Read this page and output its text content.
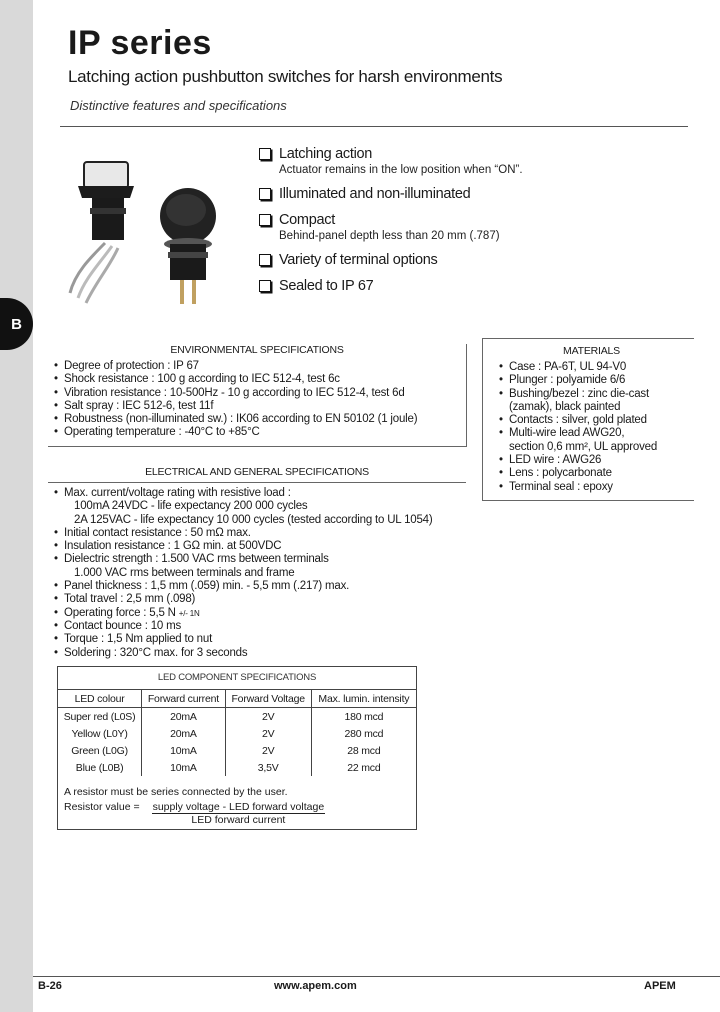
B
IP series
Latching action pushbutton switches for harsh environments
Distinctive features and specifications
Latching action
Actuator remains in the low position when “ON”.
Illuminated and non-illuminated
Compact
Behind-panel depth less than 20 mm (.787)
Variety of terminal options
Sealed to IP 67
ENVIRONMENTAL SPECIFICATIONS
• Degree of protection : IP 67
• Shock resistance : 100 g according to IEC 512-4, test 6c
• Vibration resistance : 10-500Hz - 10 g according to IEC 512-4, test 6d
• Salt spray : IEC 512-6, test 11f
• Robustness (non-illuminated sw.) : IK06 according to EN 50102 (1 joule)
• Operating temperature : -40°C to +85°C
MATERIALS
• Case : PA-6T, UL 94-V0
• Plunger : polyamide 6/6
• Bushing/bezel : zinc die-cast
(zamak), black painted
• Contacts : silver, gold plated
• Multi-wire lead AWG20,
section 0,6 mm², UL approved
• LED wire : AWG26
• Lens : polycarbonate
• Terminal seal : epoxy
ELECTRICAL AND GENERAL SPECIFICATIONS
• Max. current/voltage rating with resistive load :
100mA 24VDC - life expectancy 200 000 cycles
2A 125VAC - life expectancy 10 000 cycles (tested according to UL 1054)
• Initial contact resistance : 50 mΩ max.
• Insulation resistance : 1 GΩ min. at 500VDC
• Dielectric strength : 1.500 VAC rms between terminals
1.000 VAC rms between terminals and frame
• Panel thickness : 1,5 mm (.059) min. - 5,5 mm (.217) max.
• Total travel : 2,5 mm (.098)
• Operating force : 5,5 N +/- 1N
• Contact bounce : 10 ms
• Torque : 1,5 Nm applied to nut
• Soldering : 320°C max. for 3 seconds
LED COMPONENT SPECIFICATIONS
LED colour	Forward current	Forward Voltage	Max. lumin. intensity
Super red (L0S)	20mA	2V	180 mcd
Yellow (L0Y)	20mA	2V	280 mcd
Green (L0G)	10mA	2V	28 mcd
Blue (L0B)	10mA	3,5V	22 mcd
A resistor must be series connected by the user.
Resistor value = $\frac{\text{supply voltage - LED forward voltage}}{\text{LED forward current}}$
B-26	www.apem.com	APEM
